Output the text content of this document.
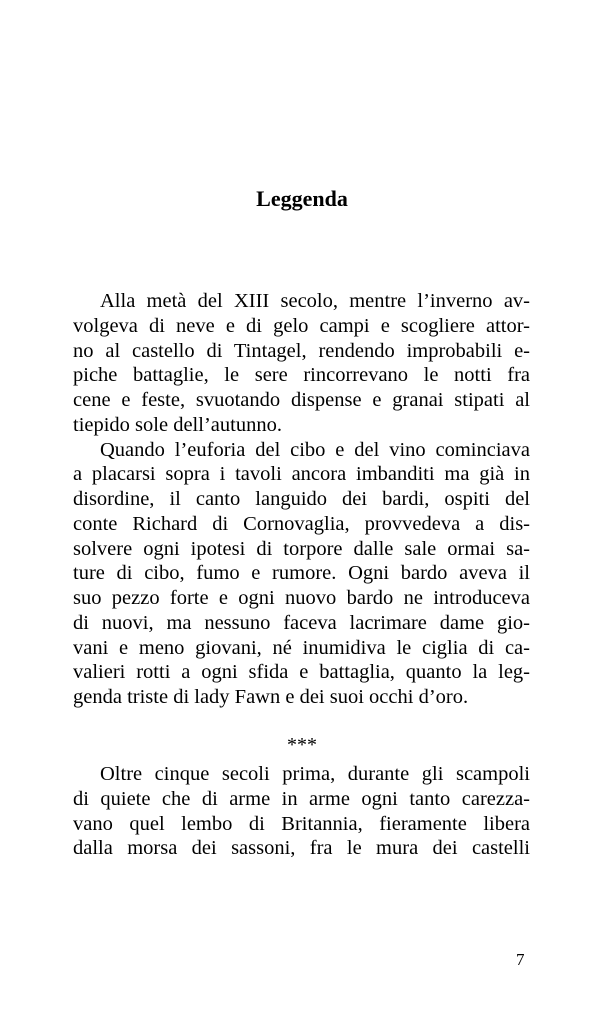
Leggenda
Alla metà del XIII secolo, mentre l’inverno av-
volgeva di neve e di gelo campi e scogliere attor-
no al castello di Tintagel, rendendo improbabili e-
piche battaglie, le sere rincorrevano le notti fra
cene e feste, svuotando dispense e granai stipati al
tiepido sole dell’autunno.
Quando l’euforia del cibo e del vino cominciava
a placarsi sopra i tavoli ancora imbanditi ma già in
disordine, il canto languido dei bardi, ospiti del
conte Richard di Cornovaglia, provvedeva a dis-
solvere ogni ipotesi di torpore dalle sale ormai sa-
ture di cibo, fumo e rumore. Ogni bardo aveva il
suo pezzo forte e ogni nuovo bardo ne introduceva
di nuovi, ma nessuno faceva lacrimare dame gio-
vani e meno giovani, né inumidiva le ciglia di ca-
valieri rotti a ogni sfida e battaglia, quanto la leg-
genda triste di lady Fawn e dei suoi occhi d’oro.
***
Oltre cinque secoli prima, durante gli scampoli
di quiete che di arme in arme ogni tanto carezza-
vano quel lembo di Britannia, fieramente libera
dalla morsa dei sassoni, fra le mura dei castelli
7
